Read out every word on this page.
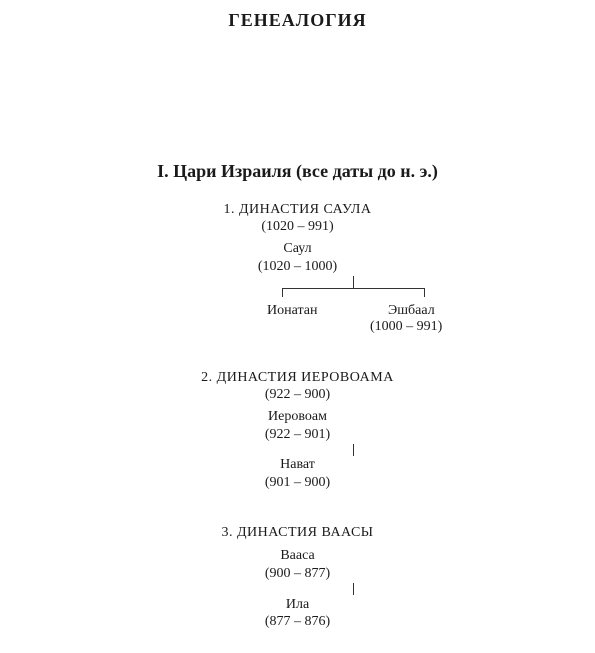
ГЕНЕАЛОГИЯ
I. Цари Израиля (все даты до н. э.)
1. ДИНАСТИЯ САУЛА
(1020 – 991)
Саул
(1020 – 1000)
Ионатан	Эшбаал
(1000 – 991)
2. ДИНАСТИЯ ИЕРОВОАМА
(922 – 900)
Иеровоам
(922 – 901)
Нават
(901 – 900)
3. ДИНАСТИЯ ВААСЫ
Вааса
(900 – 877)
Ила
(877 – 876)
